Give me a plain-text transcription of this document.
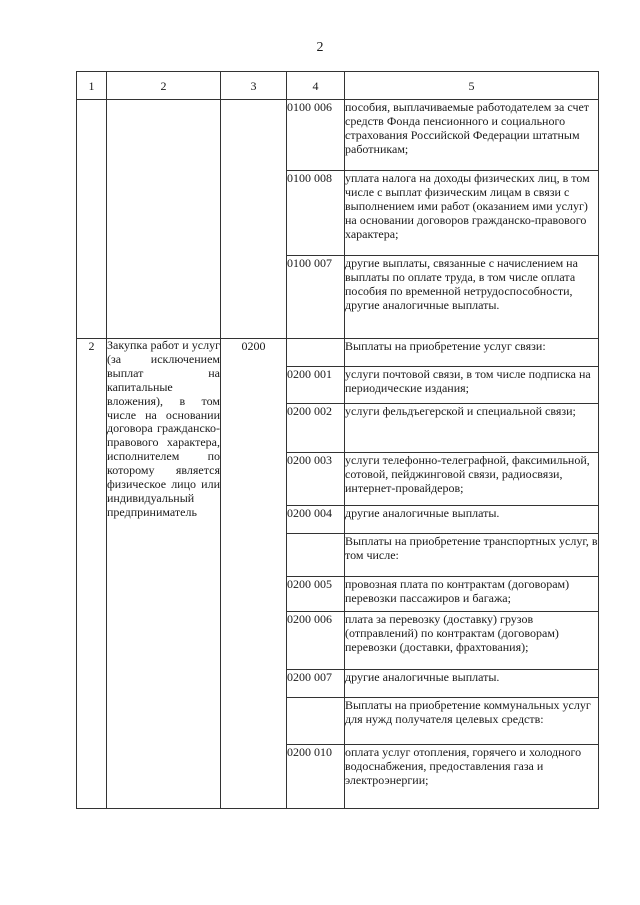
2
1	2	3	4	5
			0100 006	пособия, выплачиваемые работодателем за счет средств Фонда пенсионного и социального страхования Российской Федерации штатным работникам;
			0100 008	уплата налога на доходы физических лиц, в том числе с выплат физическим лицам в связи с выполнением ими работ (оказанием ими услуг) на основании договоров гражданско-правового характера;
			0100 007	другие выплаты, связанные с начислением на выплаты по оплате труда, в том числе оплата пособия по временной нетрудоспособности, другие аналогичные выплаты.
2	Закупка работ и услуг (за исключением выплат на капитальные вложения), в том числе на основании договора гражданско-правового характера, исполнителем по которому является физическое лицо или индивидуальный предприниматель	0200		Выплаты на приобретение услуг связи:
			0200 001	услуги почтовой связи, в том числе подписка на периодические издания;
			0200 002	услуги фельдъегерской и специальной связи;
			0200 003	услуги телефонно-телеграфной, факсимильной, сотовой, пейджинговой связи, радиосвязи, интернет-провайдеров;
			0200 004	другие аналогичные выплаты.
				Выплаты на приобретение транспортных услуг, в том числе:
			0200 005	провозная плата по контрактам (договорам) перевозки пассажиров и багажа;
			0200 006	плата за перевозку (доставку) грузов (отправлений) по контрактам (договорам) перевозки (доставки, фрахтования);
			0200 007	другие аналогичные выплаты.
				Выплаты на приобретение коммунальных услуг для нужд получателя целевых средств:
			0200 010	оплата услуг отопления, горячего и холодного водоснабжения, предоставления газа и электроэнергии;
